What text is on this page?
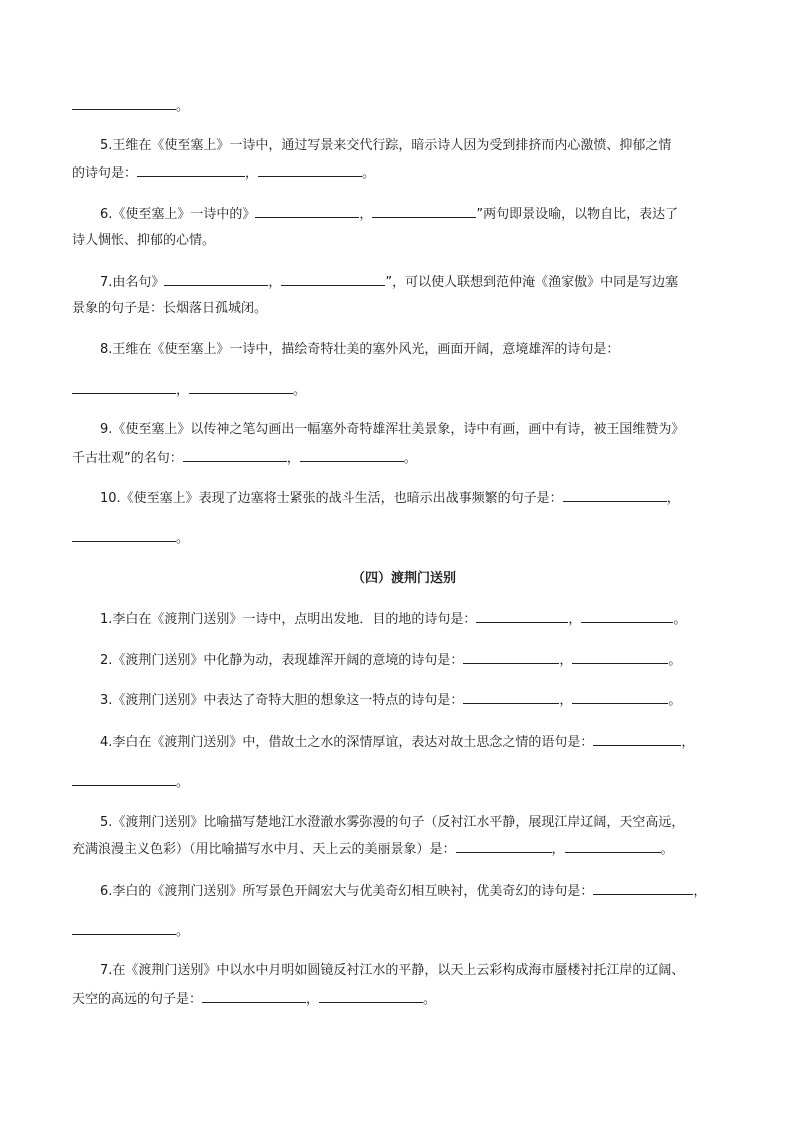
。
5.王维在《使至塞上》一诗中，通过写景来交代行踪，暗示诗人因为受到排挤而内心激愤、抑郁之情
的诗句是：	，	。
6.《使至塞上》一诗中的》	，	”两句即景设喻，以物自比，表达了
诗人惆怅、抑郁的心情。
7.由名句》	，	”，可以使人联想到范仲淹《渔家傲》中同是写边塞
景象的句子是：长烟落日孤城闭。
8.王维在《使至塞上》一诗中，描绘奇特壮美的塞外风光，画面开阔，意境雄浑的诗句是：
，	。
9.《使至塞上》以传神之笔勾画出一幅塞外奇特雄浑壮美景象，诗中有画，画中有诗，被王国维赞为》
千古壮观”的名句：	，	。
10.《使至塞上》表现了边塞将士紧张的战斗生活，也暗示出战事频繁的句子是：	，
。
（四）渡荆门送别
1.李白在《渡荆门送别》一诗中，点明出发地．目的地的诗句是：	，	。
2.《渡荆门送别》中化静为动，表现雄浑开阔的意境的诗句是：	，	。
3.《渡荆门送别》中表达了奇特大胆的想象这一特点的诗句是：	，	。
4.李白在《渡荆门送别》中，借故土之水的深情厚谊，表达对故土思念之情的语句是：	，
。
5.《渡荆门送别》比喻描写楚地江水澄澈水雾弥漫的句子（反衬江水平静，展现江岸辽阔，天空高远，
充满浪漫主义色彩）（用比喻描写水中月、天上云的美丽景象）是：	，	。
6.李白的《渡荆门送别》所写景色开阔宏大与优美奇幻相互映衬，优美奇幻的诗句是：	，
。
7.在《渡荆门送别》中以水中月明如圆镜反衬江水的平静，以天上云彩构成海市蜃楼衬托江岸的辽阔、
天空的高远的句子是：	，	。
